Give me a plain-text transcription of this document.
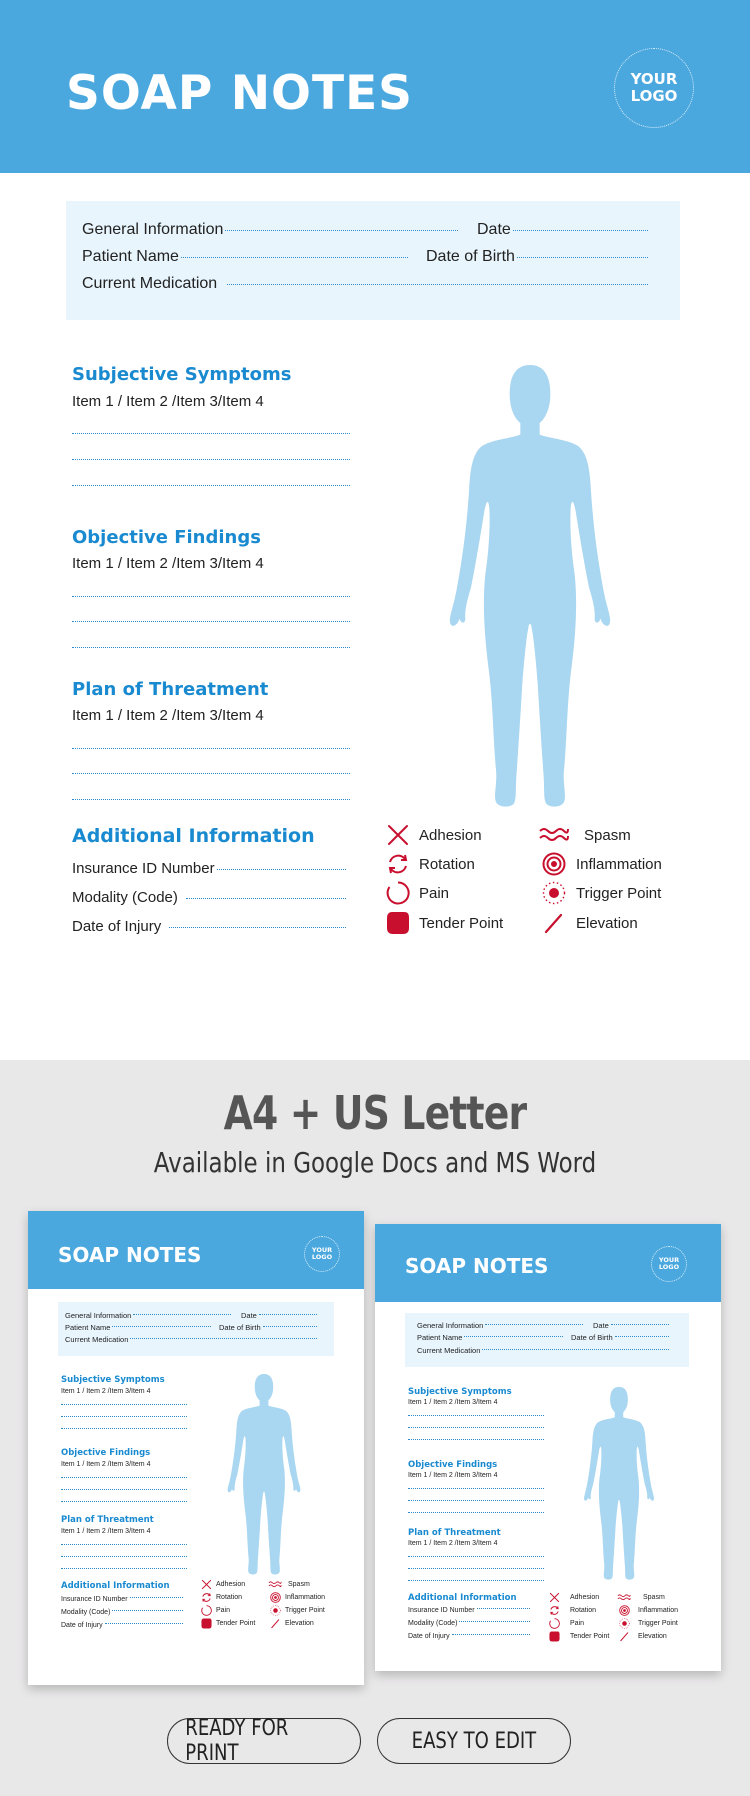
SOAP NOTES	YOUR
LOGO
General Information	Date
Patient Name	Date of Birth
Current Medication
Subjective Symptoms
Item 1 / Item 2 /Item 3/Item 4
Objective Findings
Item 1 / Item 2 /Item 3/Item 4
Plan of Threatment
Item 1 / Item 2 /Item 3/Item 4
Additional Information
Insurance ID Number
Modality (Code)
Date of Injury
Adhesion	Spasm
Rotation	Inflammation
Pain	Trigger Point
Tender Point	Elevation
A4 + US Letter
Available in Google Docs and MS Word
SOAP NOTES	YOUR
LOGO
General Information	Date
Patient Name	Date of Birth
Current Medication
Subjective Symptoms
Item 1 / Item 2 /Item 3/Item 4
Objective Findings
Item 1 / Item 2 /Item 3/Item 4
Plan of Threatment
Item 1 / Item 2 /Item 3/Item 4
Additional Information
Insurance ID Number
Modality (Code)
Date of Injury
Adhesion	Spasm
Rotation	Inflammation
Pain	Trigger Point
Tender Point	Elevation
SOAP NOTES	YOUR
LOGO
General Information	Date
Patient Name	Date of Birth
Current Medication
Subjective Symptoms
Item 1 / Item 2 /Item 3/Item 4
Objective Findings
Item 1 / Item 2 /Item 3/Item 4
Plan of Threatment
Item 1 / Item 2 /Item 3/Item 4
Additional Information
Insurance ID Number
Modality (Code)
Date of Injury
Adhesion	Spasm
Rotation	Inflammation
Pain	Trigger Point
Tender Point	Elevation
READY FOR PRINT	EASY TO EDIT
